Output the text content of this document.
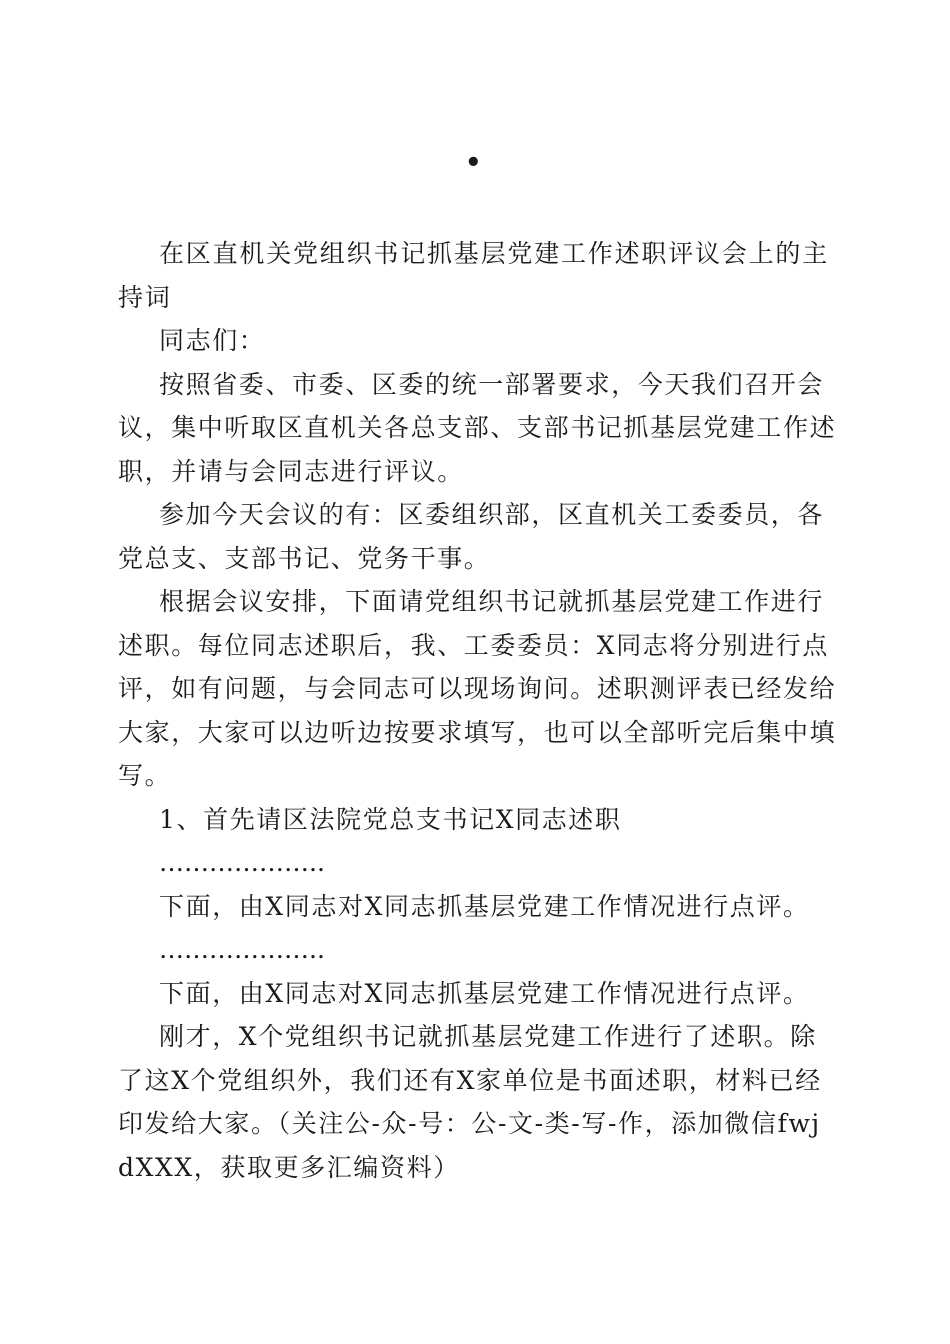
•

在区直机关党组织书记抓基层党建工作述职评议会上的主持词

同志们：

按照省委、市委、区委的统一部署要求，今天我们召开会议，集中听取区直机关各总支部、支部书记抓基层党建工作述职，并请与会同志进行评议。

参加今天会议的有：区委组织部，区直机关工委委员，各党总支、支部书记、党务干事。

根据会议安排，下面请党组织书记就抓基层党建工作进行述职。每位同志述职后，我、工委委员：X同志将分别进行点评，如有问题，与会同志可以现场询问。述职测评表已经发给大家，大家可以边听边按要求填写，也可以全部听完后集中填写。

1、首先请区法院党总支书记X同志述职

………………..

下面，由X同志对X同志抓基层党建工作情况进行点评。

………………..

下面，由X同志对X同志抓基层党建工作情况进行点评。

刚才，X个党组织书记就抓基层党建工作进行了述职。除了这X个党组织外，我们还有X家单位是书面述职，材料已经印发给大家。（关注公-众-号：公-文-类-写-作，添加微信fwjdXXX，获取更多汇编资料）
